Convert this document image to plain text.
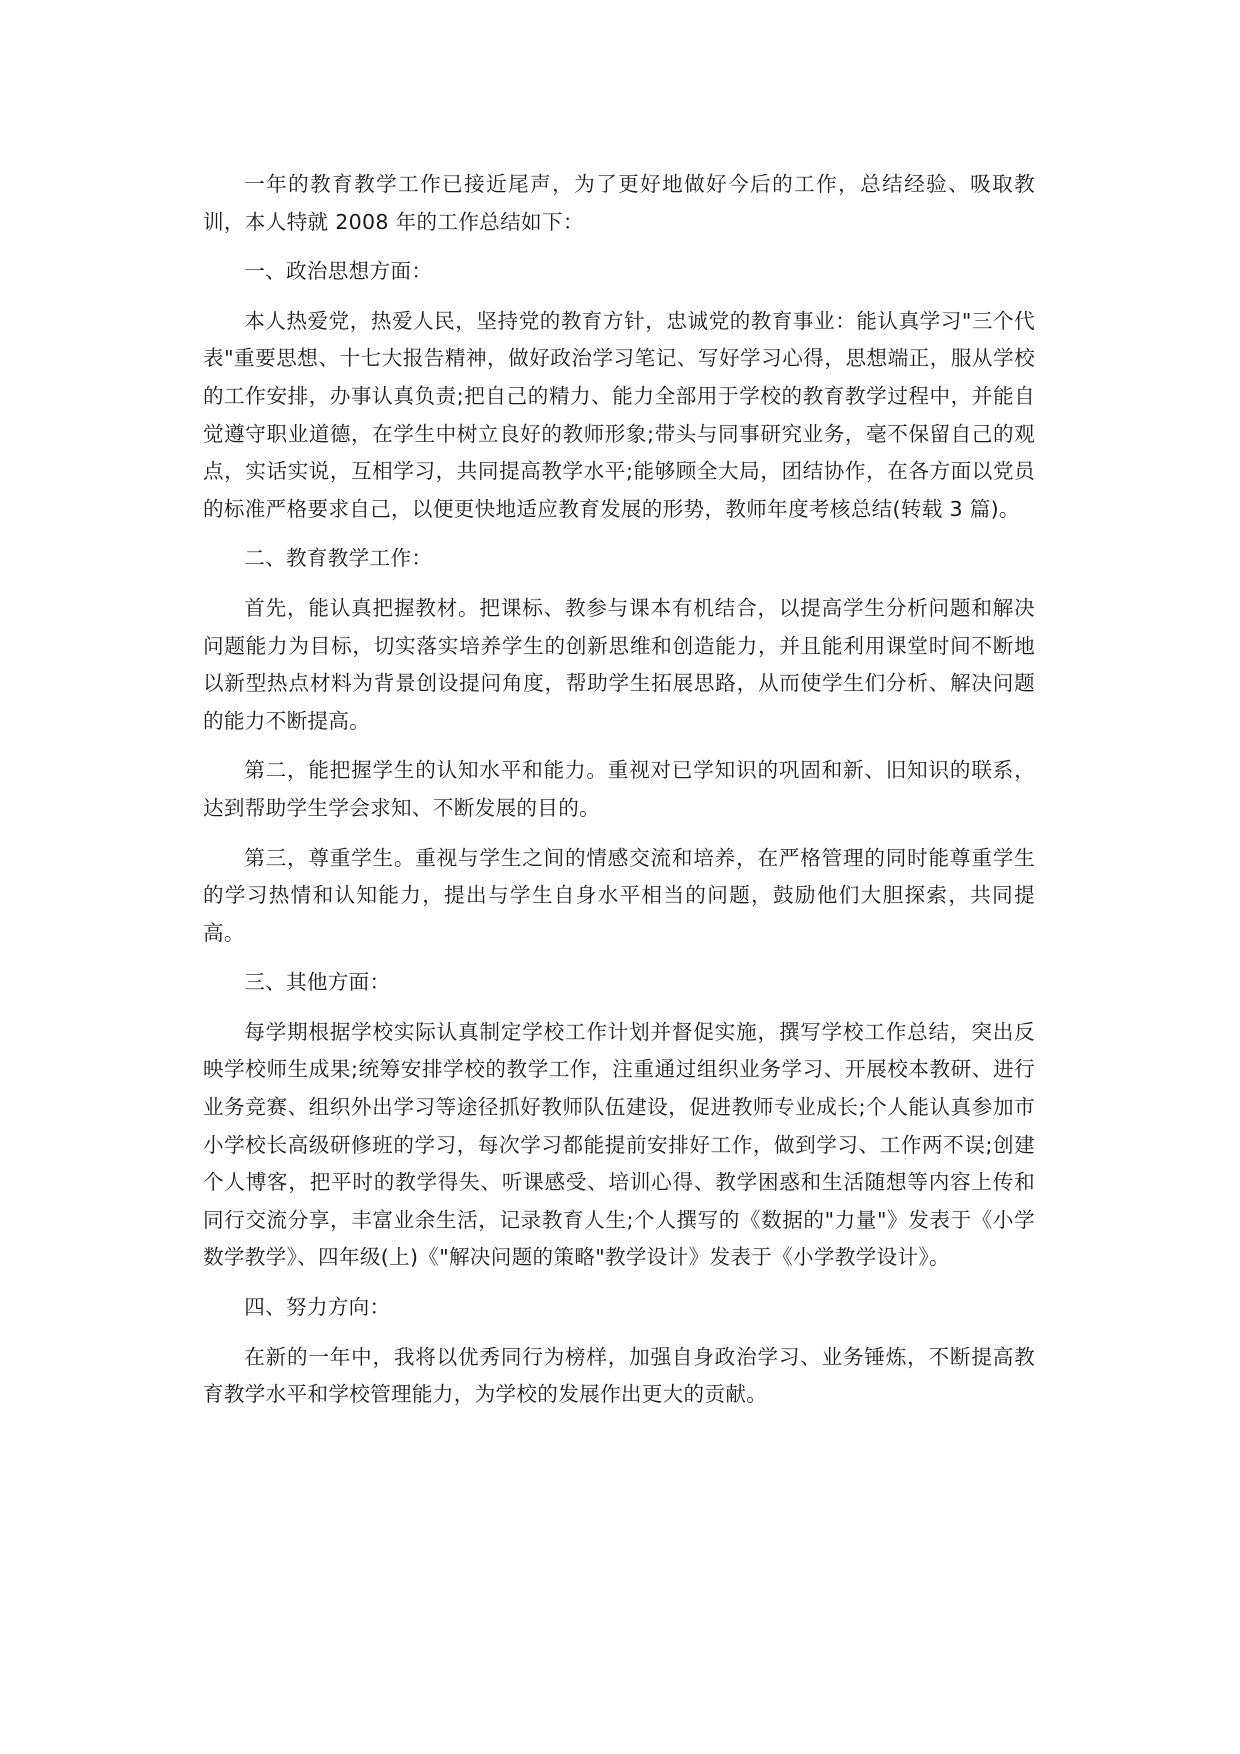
一年的教育教学工作已接近尾声，为了更好地做好今后的工作，总结经验、吸取教训，本人特就 2008 年的工作总结如下：

一、政治思想方面：

本人热爱党，热爱人民，坚持党的教育方针，忠诚党的教育事业：能认真学习"三个代表"重要思想、十七大报告精神，做好政治学习笔记、写好学习心得，思想端正，服从学校的工作安排，办事认真负责;把自己的精力、能力全部用于学校的教育教学过程中，并能自觉遵守职业道德，在学生中树立良好的教师形象;带头与同事研究业务，毫不保留自己的观点，实话实说，互相学习，共同提高教学水平;能够顾全大局，团结协作，在各方面以党员的标准严格要求自己，以便更快地适应教育发展的形势，教师年度考核总结(转载 3 篇)。

二、教育教学工作：

首先，能认真把握教材。把课标、教参与课本有机结合，以提高学生分析问题和解决问题能力为目标，切实落实培养学生的创新思维和创造能力，并且能利用课堂时间不断地以新型热点材料为背景创设提问角度，帮助学生拓展思路，从而使学生们分析、解决问题的能力不断提高。

第二，能把握学生的认知水平和能力。重视对已学知识的巩固和新、旧知识的联系，达到帮助学生学会求知、不断发展的目的。

第三，尊重学生。重视与学生之间的情感交流和培养，在严格管理的同时能尊重学生的学习热情和认知能力，提出与学生自身水平相当的问题，鼓励他们大胆探索，共同提高。

三、其他方面：

每学期根据学校实际认真制定学校工作计划并督促实施，撰写学校工作总结，突出反映学校师生成果;统筹安排学校的教学工作，注重通过组织业务学习、开展校本教研、进行业务竞赛、组织外出学习等途径抓好教师队伍建设，促进教师专业成长;个人能认真参加市小学校长高级研修班的学习，每次学习都能提前安排好工作，做到学习、工作两不误;创建个人博客，把平时的教学得失、听课感受、培训心得、教学困惑和生活随想等内容上传和同行交流分享，丰富业余生活，记录教育人生;个人撰写的《数据的"力量"》发表于《小学数学教学》、四年级(上)《"解决问题的策略"教学设计》发表于《小学教学设计》。

四、努力方向：

在新的一年中，我将以优秀同行为榜样，加强自身政治学习、业务锤炼，不断提高教育教学水平和学校管理能力，为学校的发展作出更大的贡献。
